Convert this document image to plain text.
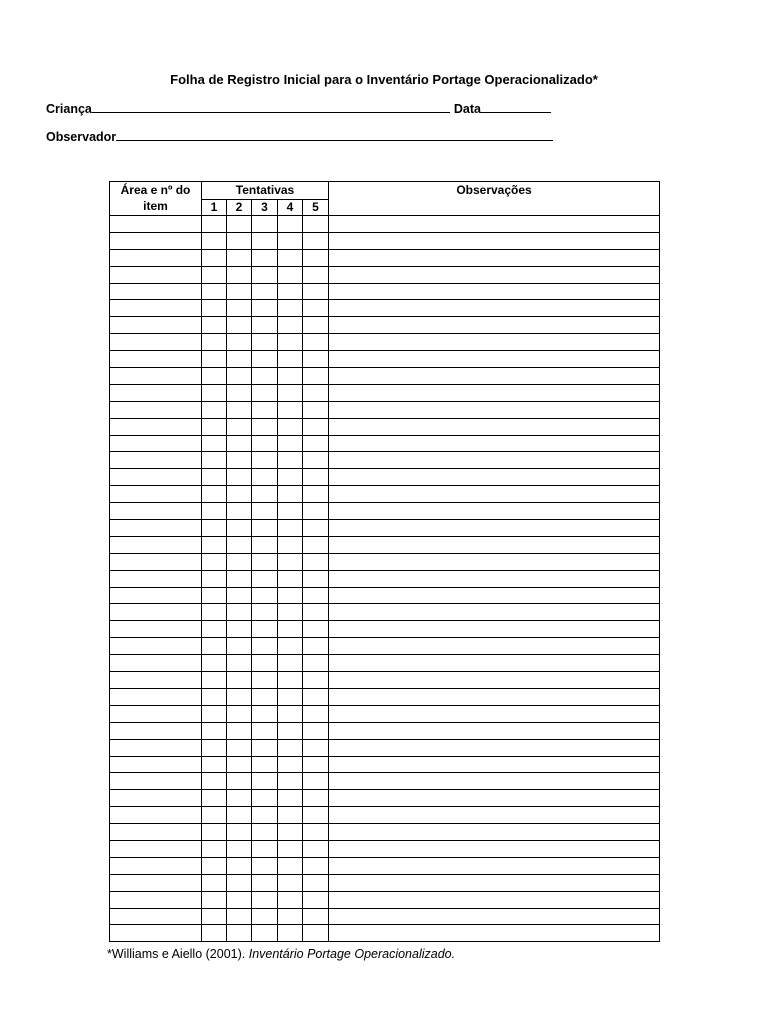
Folha de Registro Inicial para o Inventário Portage Operacionalizado*
Criança	Data
Observador
Área e nº do
item	Tentativas					Observações
	1	2	3	4	5	

*Williams e Aiello (2001). Inventário Portage Operacionalizado.
